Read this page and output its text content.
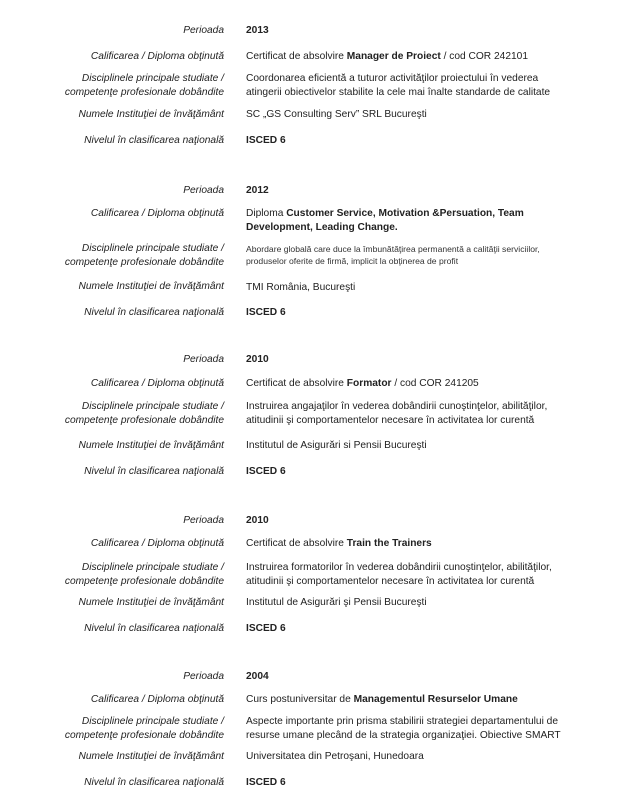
Perioada 2013
Calificarea / Diploma obţinută Certificat de absolvire Manager de Proiect / cod COR 242101
Disciplinele principale studiate /
competenţe profesionale dobândite
Coordonarea eficientă a tuturor activităţilor proiectului în vederea
atingerii obiectivelor stabilite la cele mai înalte standarde de calitate
Numele Instituţiei de învăţământ SC „GS Consulting Serv” SRL Bucureşti
Nivelul în clasificarea naţională ISCED 6
Perioada 2012
Calificarea / Diploma obţinută Diploma Customer Service, Motivation &Persuation, Team
Development, Leading Change.
Disciplinele principale studiate /
competenţe profesionale dobândite
Abordare globală care duce la îmbunătăţirea permanentă a calităţii serviciilor,
produselor oferite de firmă, implicit la obţinerea de profit
Numele Instituţiei de învăţământ TMI România, Bucureşti
Nivelul în clasificarea naţională ISCED 6
Perioada 2010
Calificarea / Diploma obţinută Certificat de absolvire Formator / cod COR 241205
Disciplinele principale studiate /
competenţe profesionale dobândite
Instruirea angajaţilor în vederea dobândirii cunoştinţelor, abilităţilor,
atitudinii şi comportamentelor necesare în activitatea lor curentă
Numele Instituţiei de învăţământ Institutul de Asigurări si Pensii Bucureşti
Nivelul în clasificarea naţională ISCED 6
Perioada 2010
Calificarea / Diploma obţinută Certificat de absolvire Train the Trainers
Disciplinele principale studiate /
competenţe profesionale dobândite
Instruirea formatorilor în vederea dobândirii cunoştinţelor, abilităţilor,
atitudinii şi comportamentelor necesare în activitatea lor curentă
Numele Instituţiei de învăţământ Institutul de Asigurări şi Pensii Bucureşti
Nivelul în clasificarea naţională ISCED 6
Perioada 2004
Calificarea / Diploma obţinută Curs postuniversitar de Managementul Resurselor Umane
Disciplinele principale studiate /
competenţe profesionale dobândite
Aspecte importante prin prisma stabilirii strategiei departamentului de
resurse umane plecând de la strategia organizaţiei. Obiective SMART
Numele Instituţiei de învăţământ Universitatea din Petroşani, Hunedoara
Nivelul în clasificarea naţională ISCED 6
